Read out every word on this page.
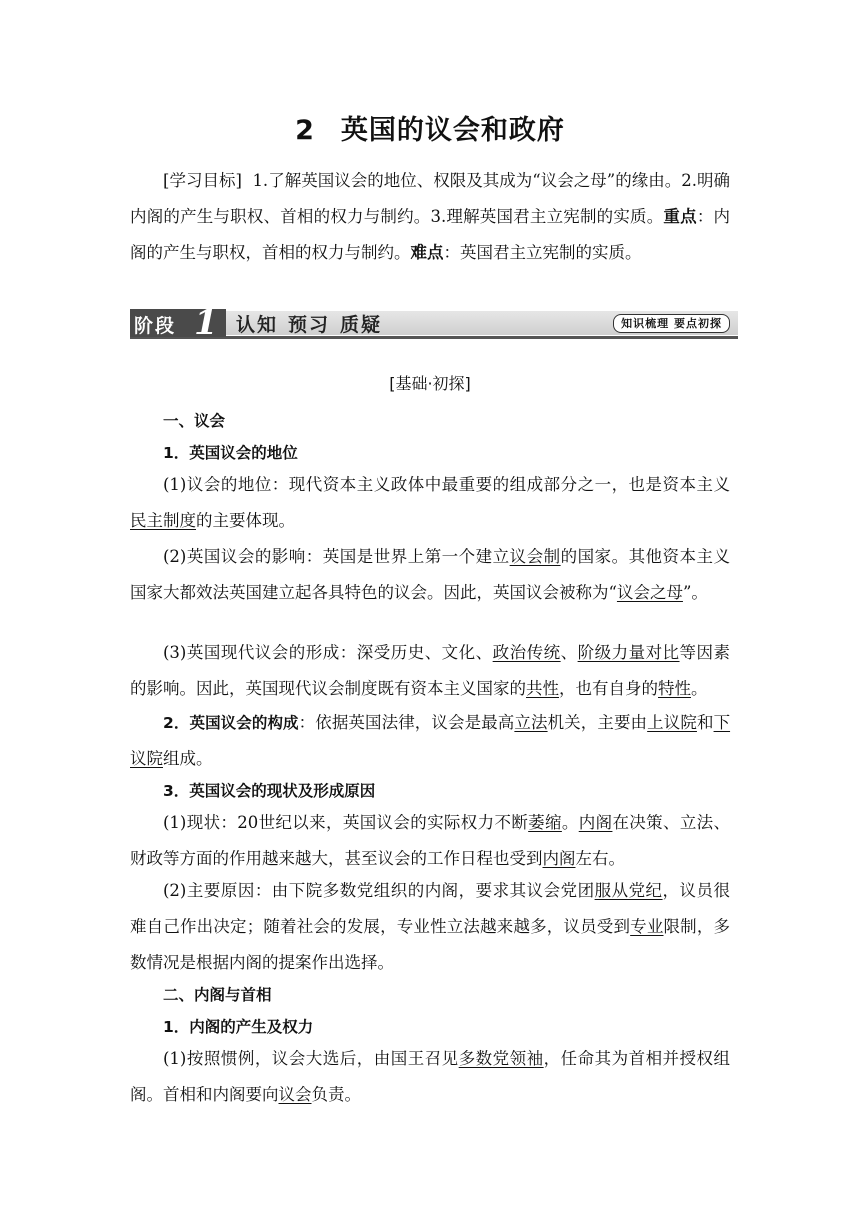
2 英国的议会和政府
[学习目标] 1.了解英国议会的地位、权限及其成为“议会之母”的缘由。2.明确内阁的产生与职权、首相的权力与制约。3.理解英国君主立宪制的实质。重点：内阁的产生与职权，首相的权力与制约。难点：英国君主立宪制的实质。
阶段 1 认知 预习 质疑	知识梳理 要点初探
[基础·初探]
一、议会
1．英国议会的地位
(1)议会的地位：现代资本主义政体中最重要的组成部分之一，也是资本主义民主制度的主要体现。
(2)英国议会的影响：英国是世界上第一个建立议会制的国家。其他资本主义国家大都效法英国建立起各具特色的议会。因此，英国议会被称为“议会之母”。
(3)英国现代议会的形成：深受历史、文化、政治传统、阶级力量对比等因素的影响。因此，英国现代议会制度既有资本主义国家的共性，也有自身的特性。
2．英国议会的构成：依据英国法律，议会是最高立法机关，主要由上议院和下议院组成。
3．英国议会的现状及形成原因
(1)现状：20世纪以来，英国议会的实际权力不断萎缩。内阁在决策、立法、财政等方面的作用越来越大，甚至议会的工作日程也受到内阁左右。
(2)主要原因：由下院多数党组织的内阁，要求其议会党团服从党纪，议员很难自己作出决定；随着社会的发展，专业性立法越来越多，议员受到专业限制，多数情况是根据内阁的提案作出选择。
二、内阁与首相
1．内阁的产生及权力
(1)按照惯例，议会大选后，由国王召见多数党领袖，任命其为首相并授权组阁。首相和内阁要向议会负责。
